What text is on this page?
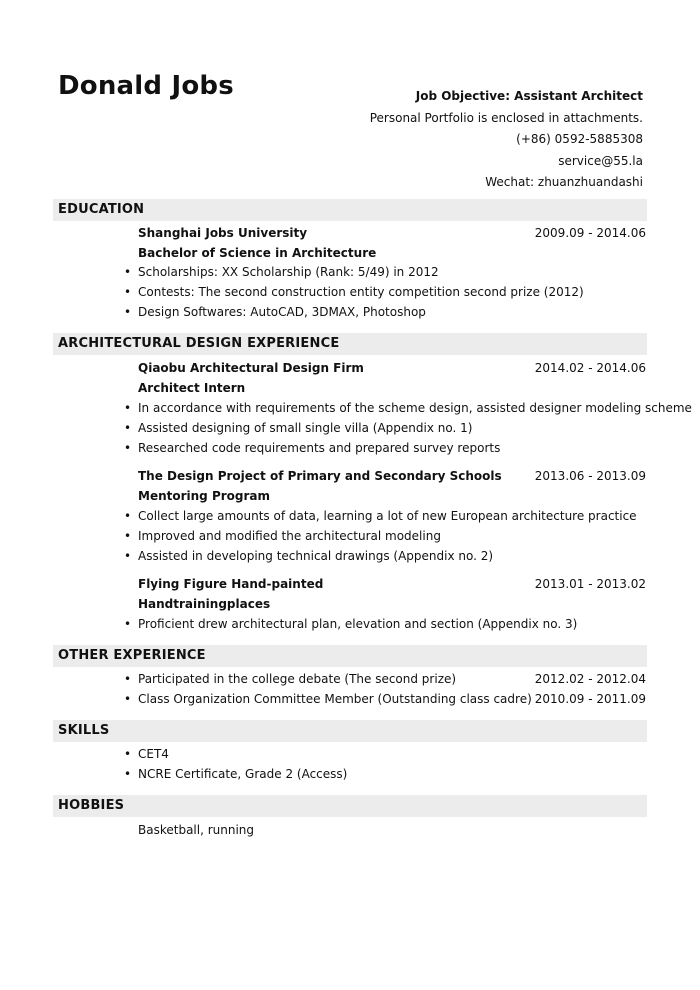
Donald Jobs	Job Objective: Assistant Architect
Personal Portfolio is enclosed in attachments.
(+86) 0592-5885308
service@55.la
Wechat: zhuanzhuandashi
EDUCATION
Shanghai Jobs University	2009.09 - 2014.06
Bachelor of Science in Architecture
• Scholarships: XX Scholarship (Rank: 5/49) in 2012
• Contests: The second construction entity competition second prize (2012)
• Design Softwares: AutoCAD, 3DMAX, Photoshop
ARCHITECTURAL DESIGN EXPERIENCE
Qiaobu Architectural Design Firm	2014.02 - 2014.06
Architect Intern
• In accordance with requirements of the scheme design, assisted designer modeling scheme
• Assisted designing of small single villa (Appendix no. 1)
• Researched code requirements and prepared survey reports
The Design Project of Primary and Secondary Schools	2013.06 - 2013.09
Mentoring Program
• Collect large amounts of data, learning a lot of new European architecture practice
• Improved and modified the architectural modeling
• Assisted in developing technical drawings (Appendix no. 2)
Flying Figure Hand-painted	2013.01 - 2013.02
Handtrainingplaces
• Proficient drew architectural plan, elevation and section (Appendix no. 3)
OTHER EXPERIENCE
• Participated in the college debate (The second prize)	2012.02 - 2012.04
• Class Organization Committee Member (Outstanding class cadre) 2010.09 - 2011.09
SKILLS
• CET4
• NCRE Certificate, Grade 2 (Access)
HOBBIES
Basketball, running
